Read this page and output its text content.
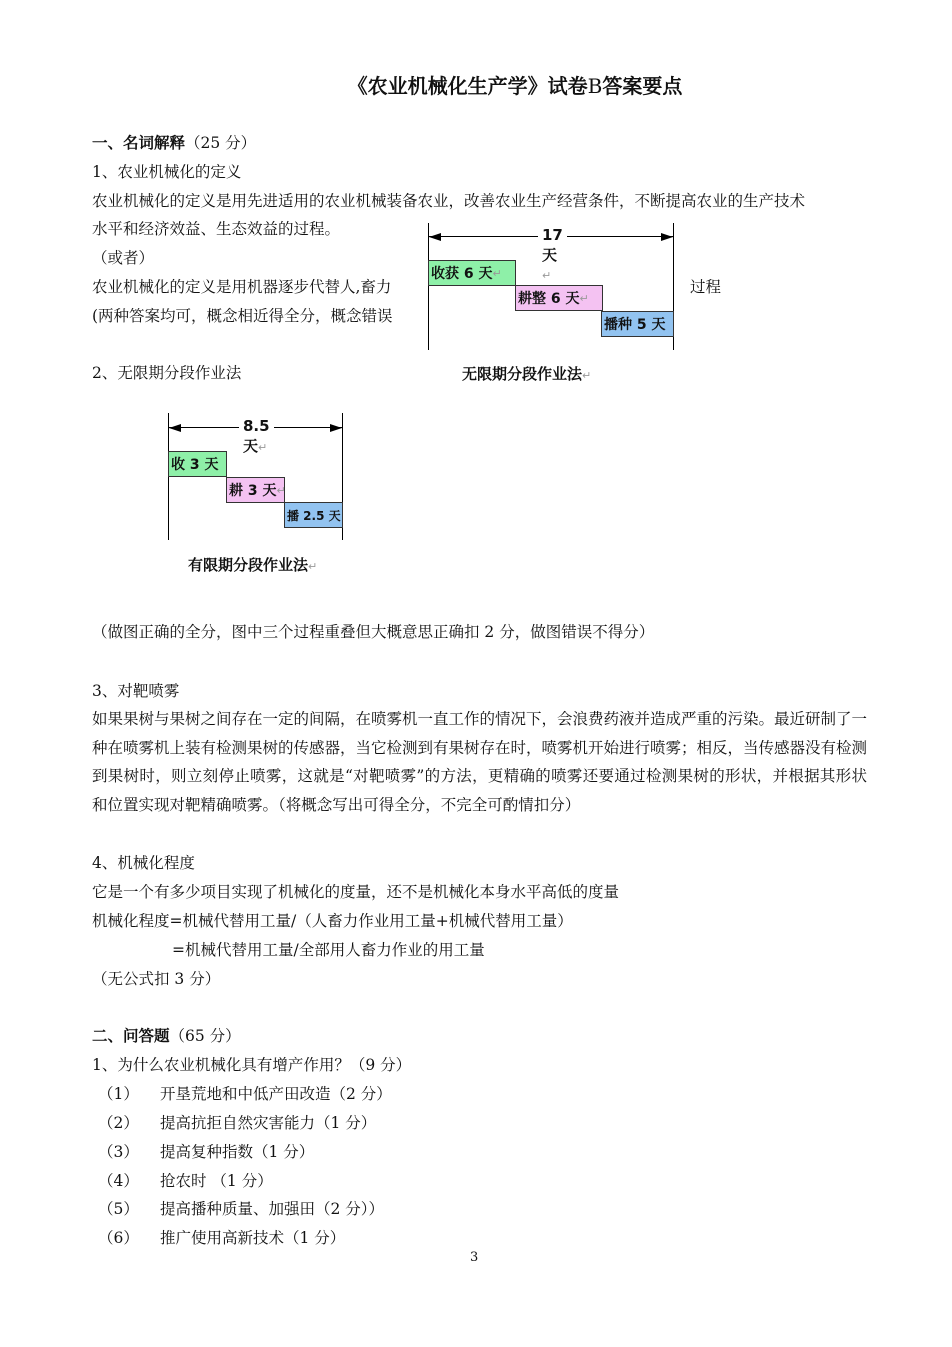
《农业机械化生产学》试卷B答案要点
一、名词解释（25 分）
1、农业机械化的定义
农业机械化的定义是用先进适用的农业机械装备农业，改善农业生产经营条件，不断提高农业的生产技术
水平和经济效益、生态效益的过程。
（或者）
农业机械化的定义是用机器逐步代替人,畜力
(两种答案均可，概念相近得全分，概念错误
过程
17 天↵
收获 6 天 ↵
耕整 6 天 ↵
播种 5 天
2、无限期分段作业法	无限期分段作业法↵
8.5 天↵
收 3 天
耕 3 天 ↵
播 2.5 天
有限期分段作业法↵
（做图正确的全分，图中三个过程重叠但大概意思正确扣 2 分，做图错误不得分）
3、对靶喷雾
如果果树与果树之间存在一定的间隔，在喷雾机一直工作的情况下，会浪费药液并造成严重的污染。最近研制了一种在喷雾机上装有检测果树的传感器，当它检测到有果树存在时，喷雾机开始进行喷雾；相反，当传感器没有检测到果树时，则立刻停止喷雾，这就是“对靶喷雾”的方法，更精确的喷雾还要通过检测果树的形状，并根据其形状和位置实现对靶精确喷雾。（将概念写出可得全分，不完全可酌情扣分）
4、机械化程度
它是一个有多少项目实现了机械化的度量，还不是机械化本身水平高低的度量
机械化程度=机械代替用工量/（人畜力作业用工量+机械代替用工量）
=机械代替用工量/全部用人畜力作业的用工量
（无公式扣 3 分）
二、问答题（65 分）
1、为什么农业机械化具有增产作用？（9 分）
（1） 开垦荒地和中低产田改造（2 分）
（2） 提高抗拒自然灾害能力（1 分）
（3） 提高复种指数（1 分）
（4） 抢农时 （1 分）
（5） 提高播种质量、加强田（2 分））
（6） 推广使用高新技术（1 分）
3
